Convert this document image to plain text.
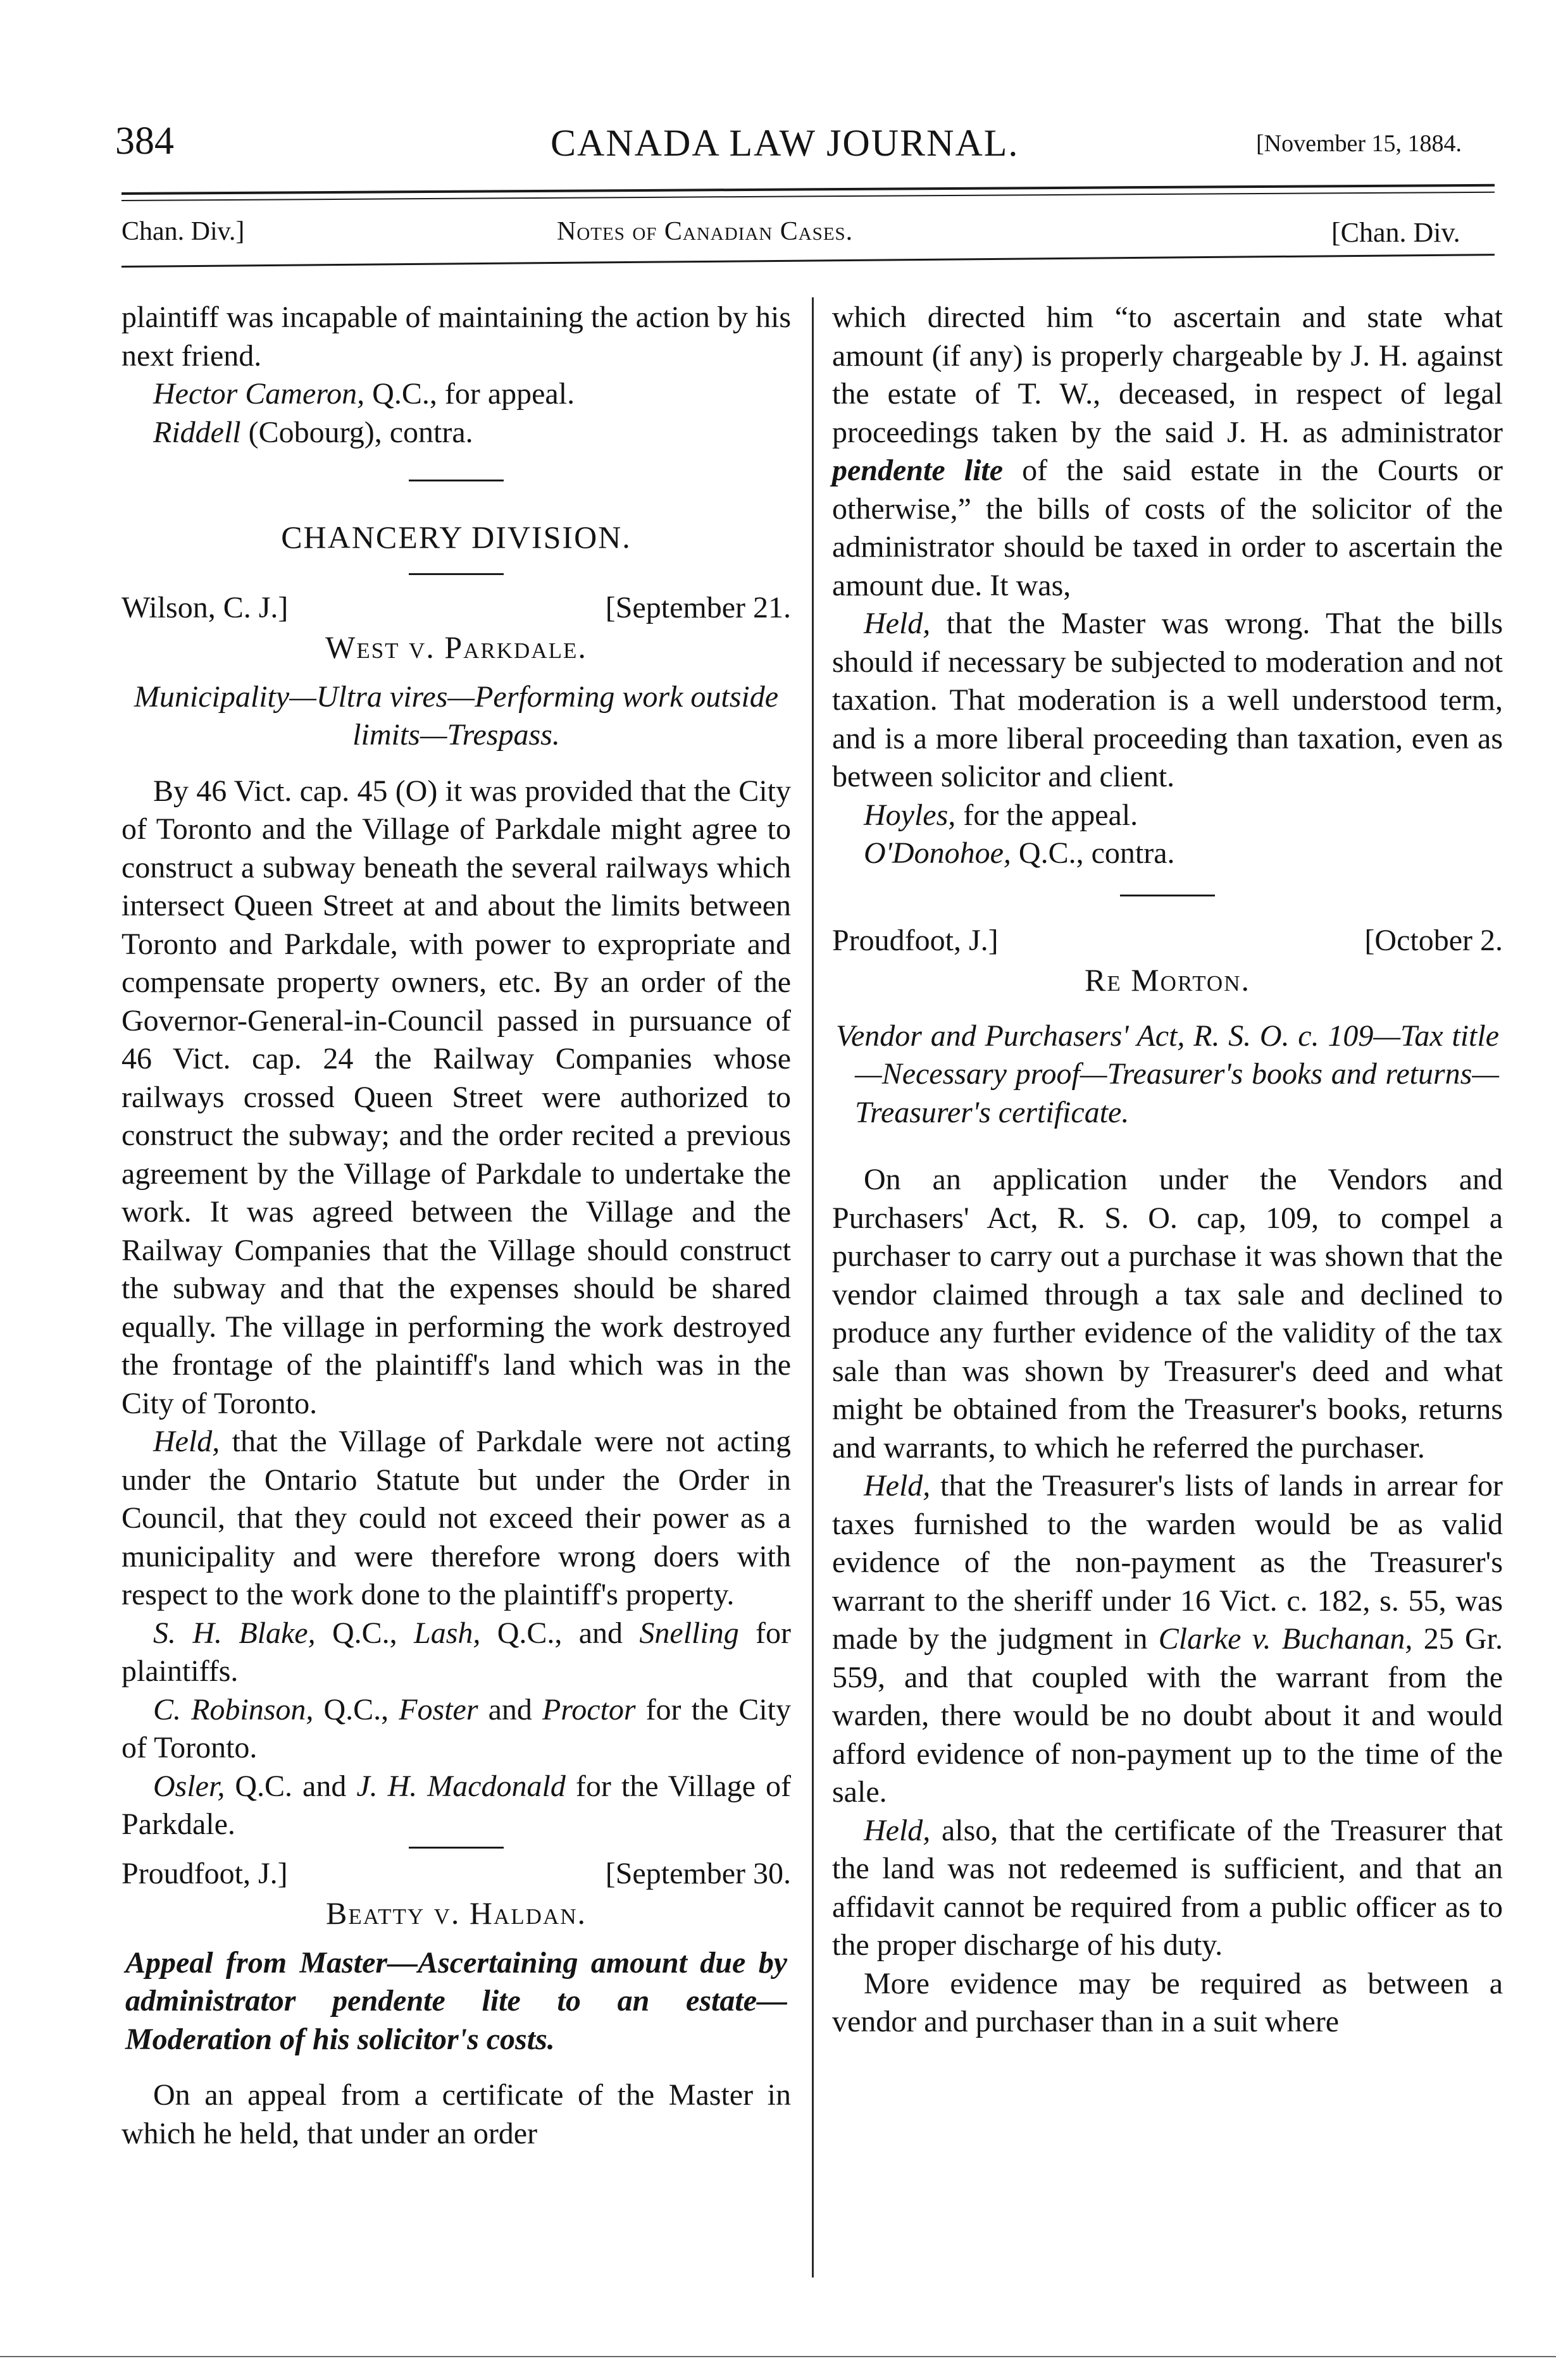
384	CANADA LAW JOURNAL.	[November 15, 1884.
Chan. Div.]	Notes of Canadian Cases.	[Chan. Div.

plaintiff was incapable of maintaining the action by his next friend.

Hector Cameron, Q.C., for appeal.

Riddell (Cobourg), contra.

CHANCERY DIVISION.

Wilson, C. J.]	[September 21.

West v. Parkdale.

Municipality—Ultra vires—Performing work outside limits—Trespass.

By 46 Vict. cap. 45 (O) it was provided that the City of Toronto and the Village of Parkdale might agree to construct a subway beneath the several railways which intersect Queen Street at and about the limits between Toronto and Parkdale, with power to expropriate and compensate property owners, etc. By an order of the Governor-General-in-Council passed in pursuance of 46 Vict. cap. 24 the Railway Companies whose railways crossed Queen Street were authorized to construct the subway; and the order recited a previous agreement by the Village of Parkdale to undertake the work. It was agreed between the Village and the Railway Companies that the Village should construct the subway and that the expenses should be shared equally. The village in performing the work destroyed the frontage of the plaintiff's land which was in the City of Toronto.

Held, that the Village of Parkdale were not acting under the Ontario Statute but under the Order in Council, that they could not exceed their power as a municipality and were therefore wrong doers with respect to the work done to the plaintiff's property.

S. H. Blake, Q.C., Lash, Q.C., and Snelling for plaintiffs.

C. Robinson, Q.C., Foster and Proctor for the City of Toronto.

Osler, Q.C. and J. H. Macdonald for the Village of Parkdale.

Proudfoot, J.]	[September 30.

Beatty v. Haldan.

Appeal from Master—Ascertaining amount due by administrator pendente lite to an estate—Moderation of his solicitor's costs.

On an appeal from a certificate of the Master in which he held, that under an order

which directed him “to ascertain and state what amount (if any) is properly chargeable by J. H. against the estate of T. W., deceased, in respect of legal proceedings taken by the said J. H. as administrator pendente lite of the said estate in the Courts or otherwise,” the bills of costs of the solicitor of the administrator should be taxed in order to ascertain the amount due. It was,

Held, that the Master was wrong. That the bills should if necessary be subjected to moderation and not taxation. That moderation is a well understood term, and is a more liberal proceeding than taxation, even as between solicitor and client.

Hoyles, for the appeal.

O'Donohoe, Q.C., contra.

Proudfoot, J.]	[October 2.

Re Morton.

Vendor and Purchasers' Act, R. S. O. c. 109—Tax title—Necessary proof—Treasurer's books and returns—Treasurer's certificate.

On an application under the Vendors and Purchasers' Act, R. S. O. cap, 109, to compel a purchaser to carry out a purchase it was shown that the vendor claimed through a tax sale and declined to produce any further evidence of the validity of the tax sale than was shown by Treasurer's deed and what might be obtained from the Treasurer's books, returns and warrants, to which he referred the purchaser.

Held, that the Treasurer's lists of lands in arrear for taxes furnished to the warden would be as valid evidence of the non-payment as the Treasurer's warrant to the sheriff under 16 Vict. c. 182, s. 55, was made by the judgment in Clarke v. Buchanan, 25 Gr. 559, and that coupled with the warrant from the warden, there would be no doubt about it and would afford evidence of non-payment up to the time of the sale.

Held, also, that the certificate of the Treasurer that the land was not redeemed is sufficient, and that an affidavit cannot be required from a public officer as to the proper discharge of his duty.

More evidence may be required as between a vendor and purchaser than in a suit where
